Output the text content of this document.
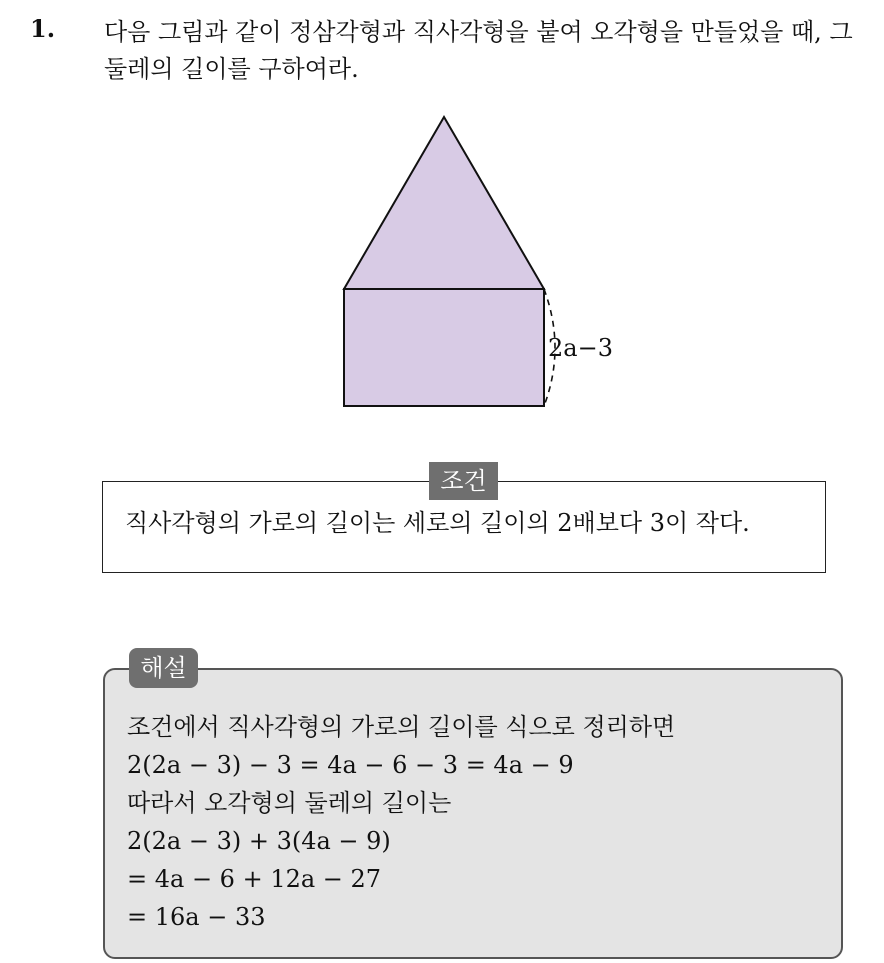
1. 다음 그림과 같이 정삼각형과 직사각형을 붙여 오각형을 만들었을 때, 그 둘레의 길이를 구하여라.
2a−3
직사각형의 가로의 길이는 세로의 길이의 2배보다 3이 작다.
조건
조건에서 직사각형의 가로의 길이를 식으로 정리하면
2(2a − 3) − 3 = 4a − 6 − 3 = 4a − 9
따라서 오각형의 둘레의 길이는
2(2a − 3) + 3(4a − 9)
= 4a − 6 + 12a − 27
= 16a − 33
해설
